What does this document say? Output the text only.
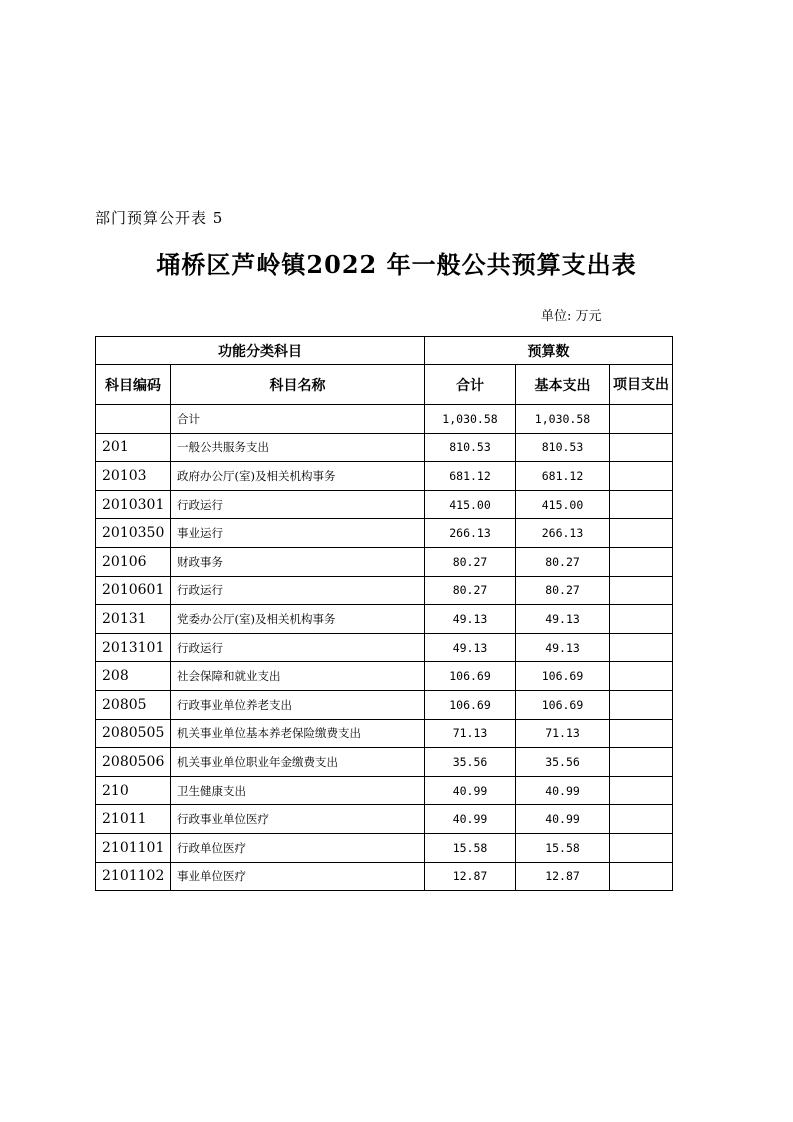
部门预算公开表 5
埇桥区芦岭镇2022 年一般公共预算支出表
单位: 万元
功能分类科目		预算数		
科目编码	科目名称	合计	基本支出	项目支出
	合计	1,030.58	1,030.58	
201	一般公共服务支出	810.53	810.53	
20103	政府办公厅(室)及相关机构事务	681.12	681.12	
2010301	行政运行	415.00	415.00	
2010350	事业运行	266.13	266.13	
20106	财政事务	80.27	80.27	
2010601	行政运行	80.27	80.27	
20131	党委办公厅(室)及相关机构事务	49.13	49.13	
2013101	行政运行	49.13	49.13	
208	社会保障和就业支出	106.69	106.69	
20805	行政事业单位养老支出	106.69	106.69	
2080505	机关事业单位基本养老保险缴费支出	71.13	71.13	
2080506	机关事业单位职业年金缴费支出	35.56	35.56	
210	卫生健康支出	40.99	40.99	
21011	行政事业单位医疗	40.99	40.99	
2101101	行政单位医疗	15.58	15.58	
2101102	事业单位医疗	12.87	12.87	
